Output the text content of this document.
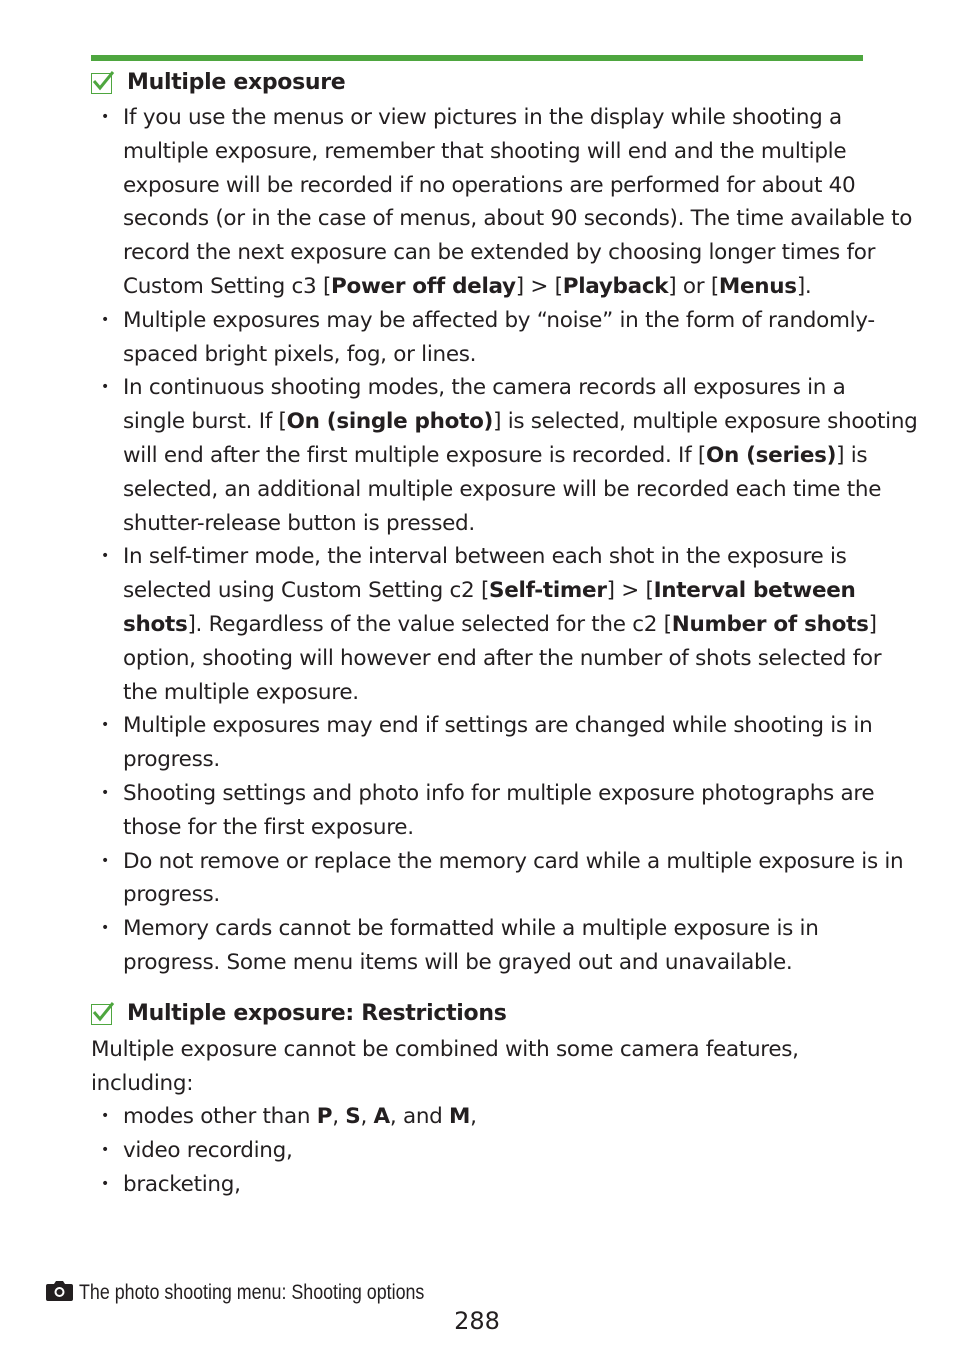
Multiple exposure
• If you use the menus or view pictures in the display while shooting a
multiple exposure, remember that shooting will end and the multiple
exposure will be recorded if no operations are performed for about 40
seconds (or in the case of menus, about 90 seconds). The time available to
record the next exposure can be extended by choosing longer times for
Custom Setting c3 [Power off delay] > [Playback] or [Menus].
• Multiple exposures may be affected by “noise” in the form of randomly-
spaced bright pixels, fog, or lines.
• In continuous shooting modes, the camera records all exposures in a
single burst. If [On (single photo)] is selected, multiple exposure shooting
will end after the first multiple exposure is recorded. If [On (series)] is
selected, an additional multiple exposure will be recorded each time the
shutter-release button is pressed.
• In self-timer mode, the interval between each shot in the exposure is
selected using Custom Setting c2 [Self-timer] > [Interval between
shots]. Regardless of the value selected for the c2 [Number of shots]
option, shooting will however end after the number of shots selected for
the multiple exposure.
• Multiple exposures may end if settings are changed while shooting is in
progress.
• Shooting settings and photo info for multiple exposure photographs are
those for the first exposure.
• Do not remove or replace the memory card while a multiple exposure is in
progress.
• Memory cards cannot be formatted while a multiple exposure is in
progress. Some menu items will be grayed out and unavailable.
Multiple exposure: Restrictions
Multiple exposure cannot be combined with some camera features,
including:
• modes other than P, S, A, and M,
• video recording,
• bracketing,
The photo shooting menu: Shooting options
288
